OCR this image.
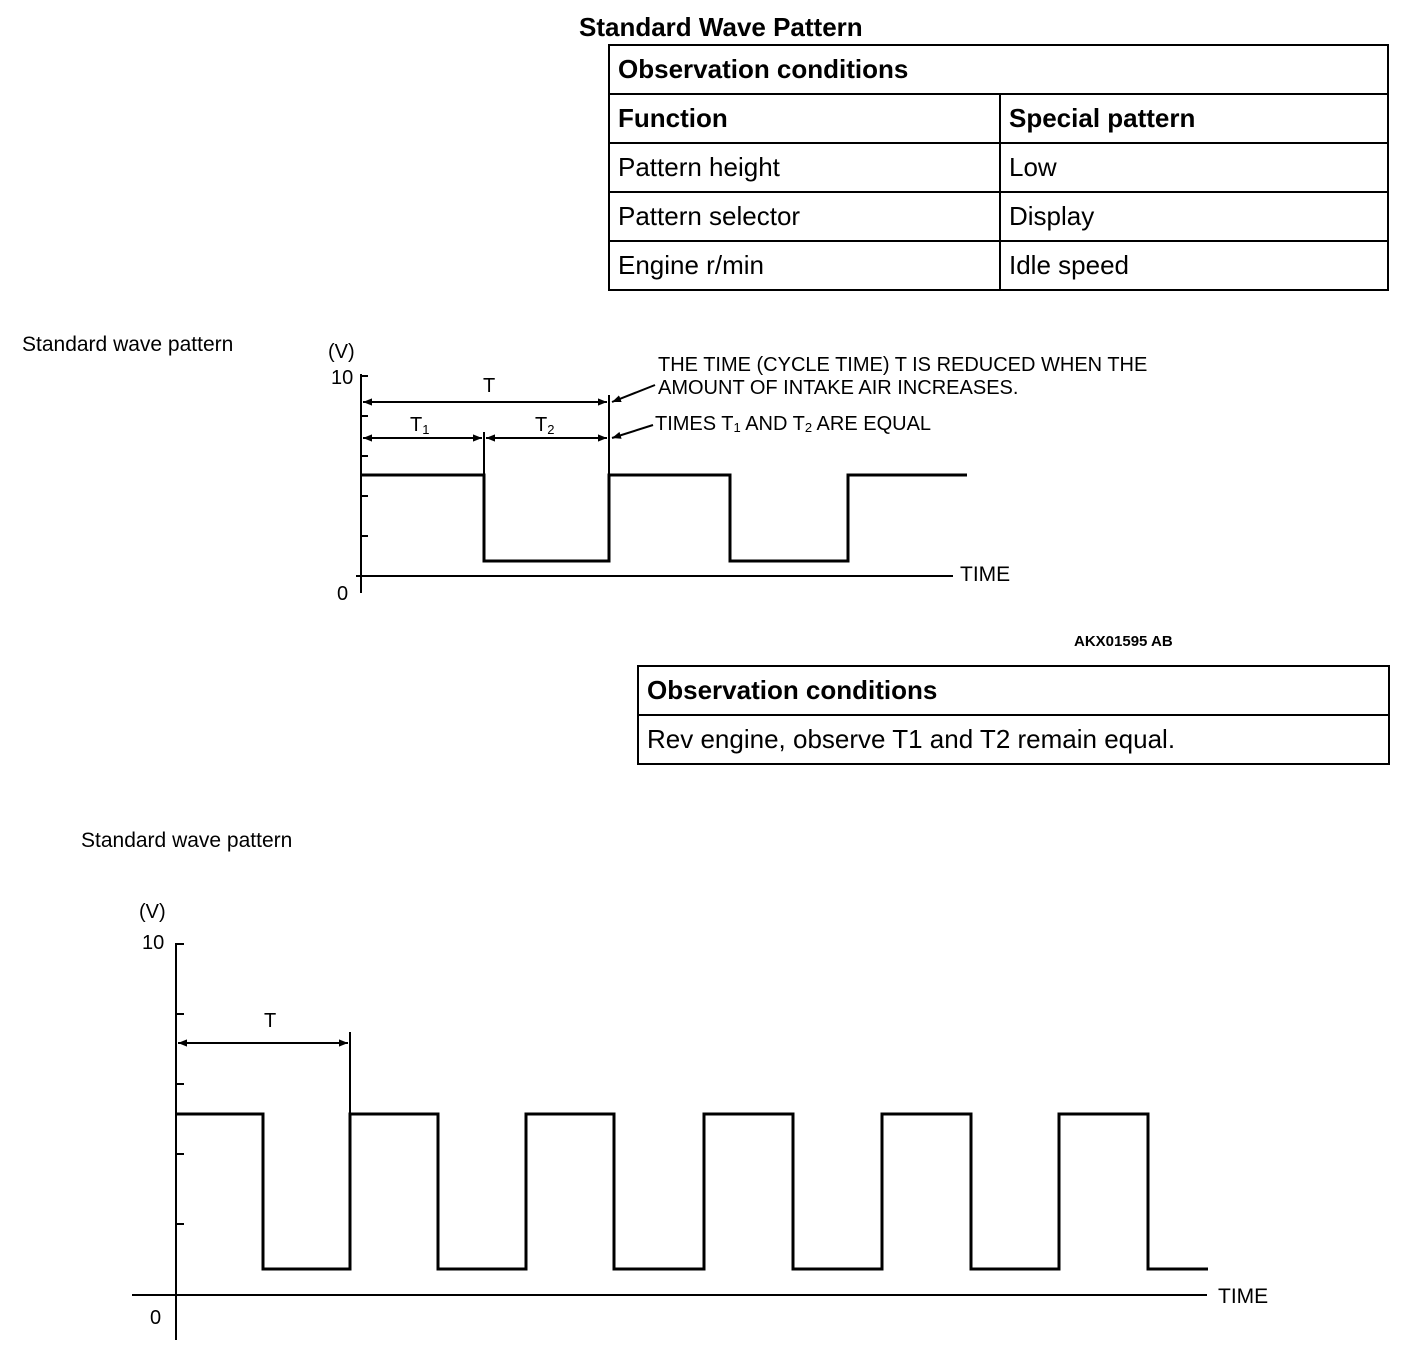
Standard Wave Pattern
Observation conditions	
Function	Special pattern
Pattern height	Low
Pattern selector	Display
Engine r/min	Idle speed
Standard wave pattern	(V)
10
0
TIME
T
T1	T2
THE TIME (CYCLE TIME) T IS REDUCED WHEN THE
AMOUNT OF INTAKE AIR INCREASES.
TIMES T1 AND T2 ARE EQUAL
AKX01595 AB
Observation conditions
Rev engine, observe T1 and T2 remain equal.
Standard wave pattern
(V)
10
0
TIME
T
